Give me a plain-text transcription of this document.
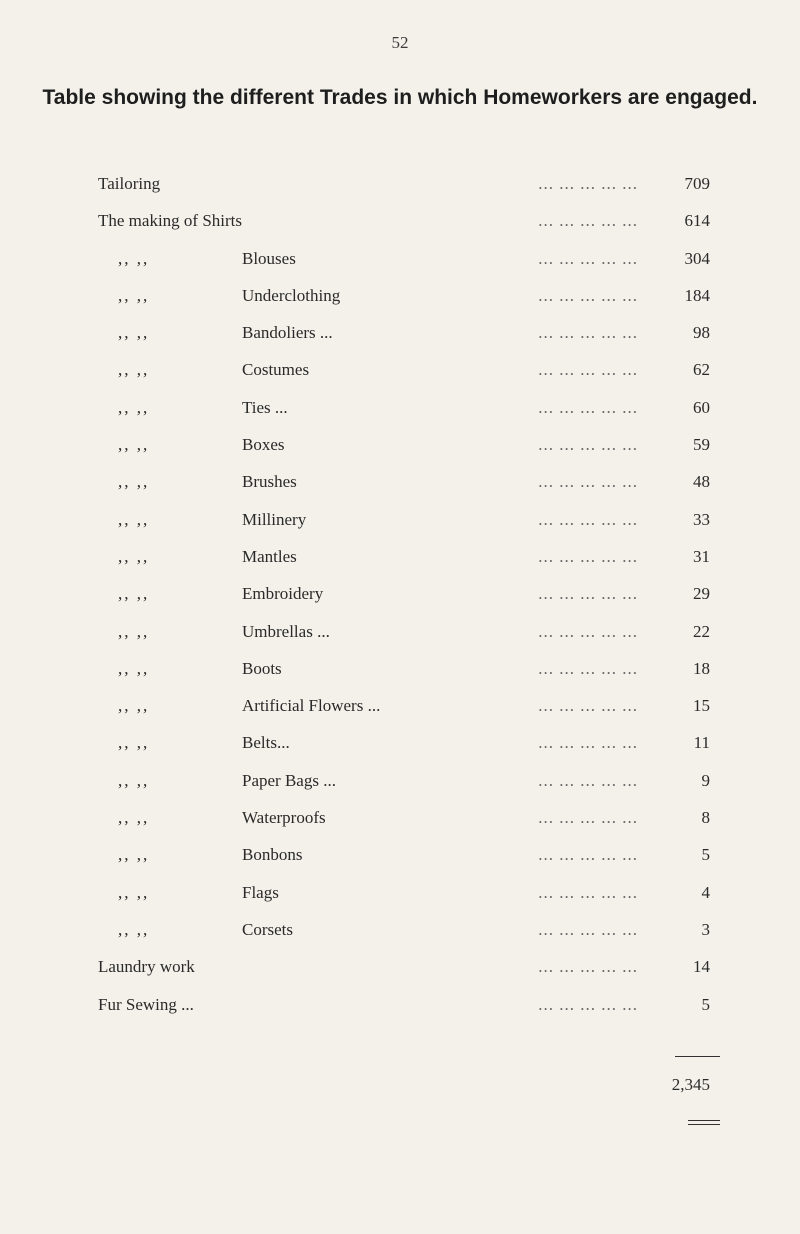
52
Table showing the different Trades in which Homeworkers are engaged.
Tailoring	... ... ... ... ...	709
The making of Shirts	... ... ... ... ...	614
,, ,,	Blouses	... ... ... ... ...	304
,, ,,	Underclothing	... ... ... ... ...	184
,, ,,	Bandoliers ...	... ... ... ... ...	98
,, ,,	Costumes	... ... ... ... ...	62
,, ,,	Ties ...	... ... ... ... ...	60
,, ,,	Boxes	... ... ... ... ...	59
,, ,,	Brushes	... ... ... ... ...	48
,, ,,	Millinery	... ... ... ... ...	33
,, ,,	Mantles	... ... ... ... ...	31
,, ,,	Embroidery	... ... ... ... ...	29
,, ,,	Umbrellas ...	... ... ... ... ...	22
,, ,,	Boots	... ... ... ... ...	18
,, ,,	Artificial Flowers ...	... ... ... ... ...	15
,, ,,	Belts...	... ... ... ... ...	11
,, ,,	Paper Bags ...	... ... ... ... ...	9
,, ,,	Waterproofs	... ... ... ... ...	8
,, ,,	Bonbons	... ... ... ... ...	5
,, ,,	Flags	... ... ... ... ...	4
,, ,,	Corsets	... ... ... ... ...	3
Laundry work	... ... ... ... ...	14
Fur Sewing ...	... ... ... ... ...	5
2,345
